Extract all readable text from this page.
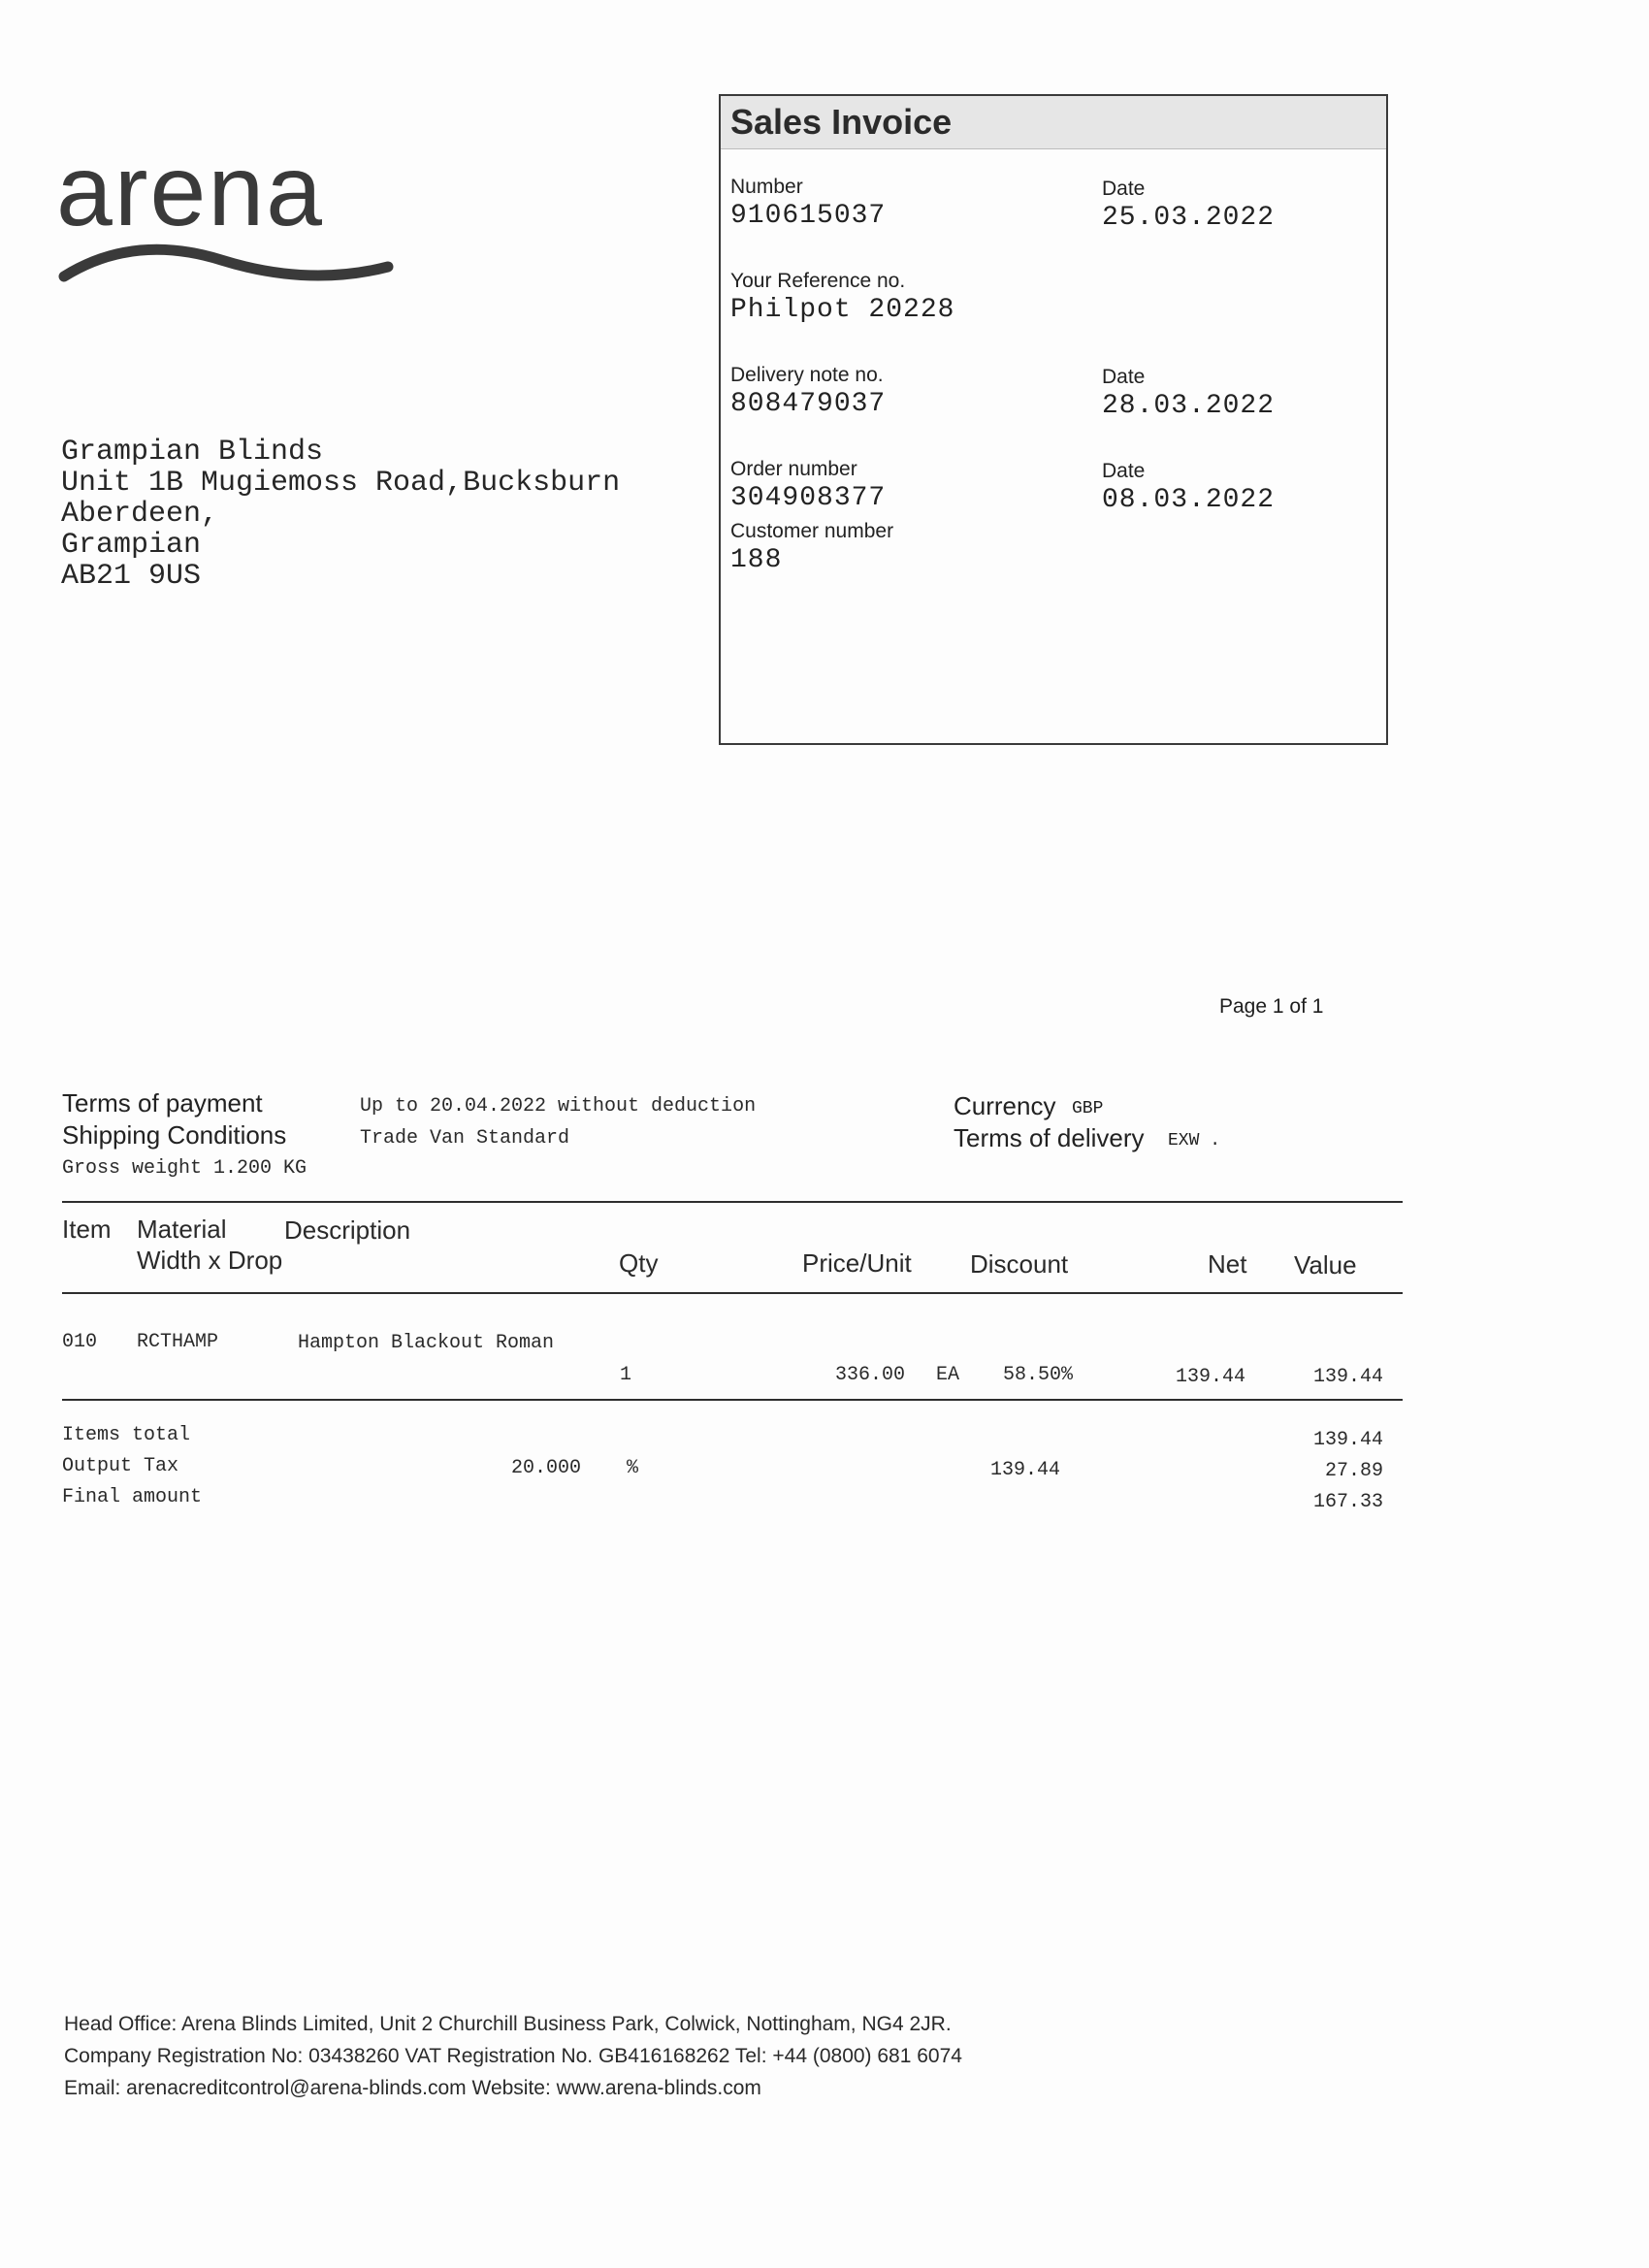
arena
Sales Invoice
Number
910615037
Date
25.03.2022
Your Reference no.
Philpot 20228
Delivery note no.
808479037
Date
28.03.2022
Order number
304908377
Date
08.03.2022
Customer number
188
Grampian Blinds
Unit 1B Mugiemoss Road,Bucksburn
Aberdeen,
Grampian
AB21 9US
Page 1 of 1
Terms of payment	Up to 20.04.2022 without deduction
Shipping Conditions	Trade Van Standard
Gross weight 1.200 KG
Currency GBP
Terms of delivery EXW .
Item Material
Width x Drop
Description
Qty	Price/Unit Discount	Net Value
010 RCTHAMP	Hampton Blackout Roman
1	336.00 EA 58.50%	139.44	139.44
Items total	139.44
Output Tax	20.000 %	139.44	27.89
Final amount	167.33
Head Office: Arena Blinds Limited, Unit 2 Churchill Business Park, Colwick, Nottingham, NG4 2JR.
Company Registration No: 03438260 VAT Registration No. GB416168262 Tel: +44 (0800) 681 6074
Email: arenacreditcontrol@arena-blinds.com Website: www.arena-blinds.com
